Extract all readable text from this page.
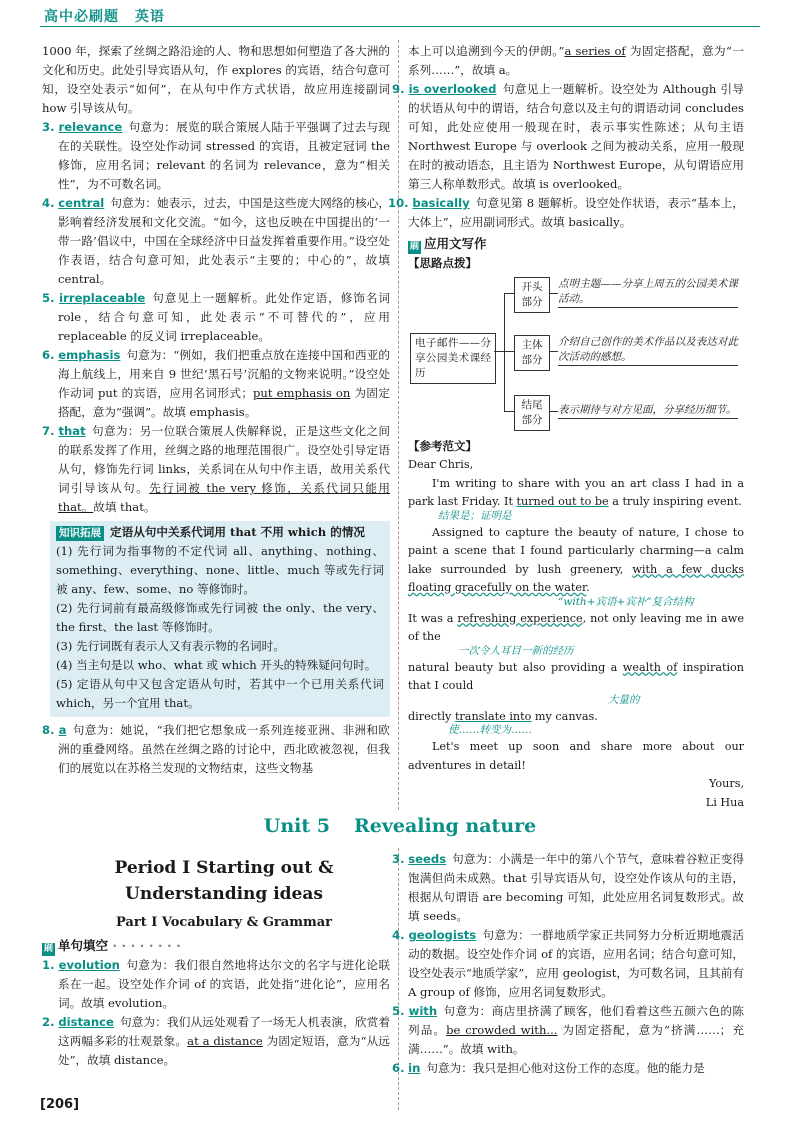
高中必刷题 英语

1000 年，探索了丝绸之路沿途的人、物和思想如何塑造了各大洲的文化和历史。此处引导宾语从句，作 explores 的宾语，结合句意可知，设空处表示“如何”，在从句中作方式状语，故应用连接副词 how 引导该从句。

3. relevance 句意为：展览的联合策展人陆于平强调了过去与现在的关联性。设空处作动词 stressed 的宾语，且被定冠词 the 修饰，应用名词；relevant 的名词为 relevance，意为“相关性”，为不可数名词。

4. central 句意为：她表示，过去，中国是这些庞大网络的核心，影响着经济发展和文化交流。“如今，这也反映在中国提出的‘一带一路’倡议中，中国在全球经济中日益发挥着重要作用。”设空处作表语，结合句意可知，此处表示“主要的；中心的”，故填 central。

5. irreplaceable 句意见上一题解析。此处作定语，修饰名词 role，结合句意可知，此处表示“不可替代的”，应用 replaceable 的反义词 irreplaceable。

6. emphasis 句意为：“例如，我们把重点放在连接中国和西亚的海上航线上，用来自 9 世纪‘黑石号’沉船的文物来说明。”设空处作动词 put 的宾语，应用名词形式；put emphasis on 为固定搭配，意为“强调”。故填 emphasis。

7. that 句意为：另一位联合策展人佚解释说，正是这些文化之间的联系发挥了作用，丝绸之路的地理范围很广。设空处引导定语从句，修饰先行词 links，关系词在从句中作主语，故用关系代词引导该从句。先行词被 the very 修饰，关系代词只能用 that。故填 that。

知识拓展 定语从句中关系代词用 that 不用 which 的情况

(1) 先行词为指事物的不定代词 all、anything、nothing、something、everything、none、little、much 等或先行词被 any、few、some、no 等修饰时。

(2) 先行词前有最高级修饰或先行词被 the only、the very、the first、the last 等修饰时。

(3) 先行词既有表示人又有表示物的名词时。

(4) 当主句是以 who、what 或 which 开头的特殊疑问句时。

(5) 定语从句中又包含定语从句时，若其中一个已用关系代词 which，另一个宜用 that。

8. a 句意为：她说，“我们把它想象成一系列连接亚洲、非洲和欧洲的重叠网络。虽然在丝绸之路的讨论中，西北欧被忽视，但我们的展览以在苏格兰发现的文物结束，这些文物基

本上可以追溯到今天的伊朗。”a series of 为固定搭配，意为“一系列……”，故填 a。

9. is overlooked 句意见上一题解析。设空处为 Although 引导的状语从句中的谓语，结合句意以及主句的谓语动词 concludes 可知，此处应使用一般现在时，表示事实性陈述；从句主语 Northwest Europe 与 overlook 之间为被动关系，应用一般现在时的被动语态，且主语为 Northwest Europe，从句谓语应用第三人称单数形式。故填 is overlooked。

10. basically 句意见第 8 题解析。设空处作状语，表示“基本上，大体上”，应用副词形式。故填 basically。

刷 应用文写作

【思路点拨】

电子邮件——分享公园美术课经历
开头部分
主体部分
结尾部分
点明主题——分享上周五的公园美术课活动。
介绍自己创作的美术作品以及表达对此次活动的感想。
表示期待与对方见面，分享经历细节。

【参考范文】

Dear Chris,

I'm writing to share with you an art class I had in a park last Friday. It turned out to be a truly inspiring event.

结果是；证明是

Assigned to capture the beauty of nature, I chose to paint a scene that I found particularly charming—a calm lake surrounded by lush greenery, with a few ducks floating gracefully on the water.

“with+宾语+宾补”复合结构

It was a refreshing experience, not only leaving me in awe of the

一次令人耳目一新的经历

natural beauty but also providing a wealth of inspiration that I could

大量的

directly translate into my canvas.

使……转变为……

Let's meet up soon and share more about our adventures in detail!

Yours,

Li Hua

Unit 5 Revealing nature

Period Ⅰ Starting out &

Understanding ideas

Part Ⅰ Vocabulary & Grammar

刷 单句填空 · · · · · · · ·

1. evolution 句意为：我们很自然地将达尔文的名字与进化论联系在一起。设空处作介词 of 的宾语，此处指“进化论”，应用名词。故填 evolution。

2. distance 句意为：我们从远处观看了一场无人机表演，欣赏着这两幅多彩的壮观景象。at a distance 为固定短语，意为“从远处”，故填 distance。

3. seeds 句意为：小满是一年中的第八个节气，意味着谷粒正变得饱满但尚未成熟。that 引导宾语从句，设空处作该从句的主语，根据从句谓语 are becoming 可知，此处应用名词复数形式。故填 seeds。

4. geologists 句意为：一群地质学家正共同努力分析近期地震活动的数据。设空处作介词 of 的宾语，应用名词；结合句意可知，设空处表示“地质学家”，应用 geologist，为可数名词，且其前有 A group of 修饰，应用名词复数形式。

5. with 句意为：商店里挤满了顾客，他们看着这些五颜六色的陈列品。be crowded with... 为固定搭配，意为“挤满……；充满……”。故填 with。

6. in 句意为：我只是担心他对这份工作的态度。他的能力是

[206]
